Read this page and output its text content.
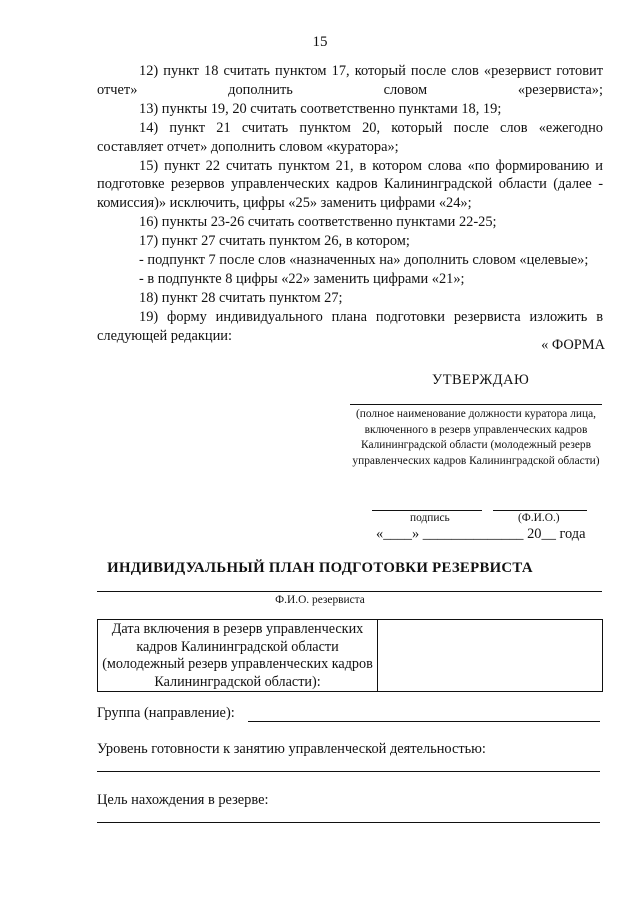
15

12) пункт 18 считать пунктом 17, который после слов «резервист готовит отчет» дополнить словом «резервиста»;

13) пункты 19, 20 считать соответственно пунктами 18, 19;

14) пункт 21 считать пунктом 20, который после слов «ежегодно составляет отчет» дополнить словом «куратора»;

15) пункт 22 считать пунктом 21, в котором слова «по формированию и подготовке резервов управленческих кадров Калининградской области (далее - комиссия)» исключить, цифры «25» заменить цифрами «24»;

16) пункты 23-26 считать соответственно пунктами 22-25;

17) пункт 27 считать пунктом 26, в котором;

- подпункт 7 после слов «назначенных на» дополнить словом «целевые»;

- в подпункте 8 цифры «22» заменить цифрами «21»;

18) пункт 28 считать пунктом 27;

19) форму индивидуального плана подготовки резервиста изложить в следующей редакции:

« ФОРМА
УТВЕРЖДАЮ
(полное наименование должности куратора лица, включенного в резерв управленческих кадров Калининградской области (молодежный резерв управленческих кадров Калининградской области)
подпись	(Ф.И.О.)
«____» ______________ 20__ года
ИНДИВИДУАЛЬНЫЙ ПЛАН ПОДГОТОВКИ РЕЗЕРВИСТА
Ф.И.О. резервиста
Дата включения в резерв управленческих кадров Калининградской области (молодежный резерв управленческих кадров Калининградской области):	
Группа (направление):
Уровень готовности к занятию управленческой деятельностью:
Цель нахождения в резерве:
